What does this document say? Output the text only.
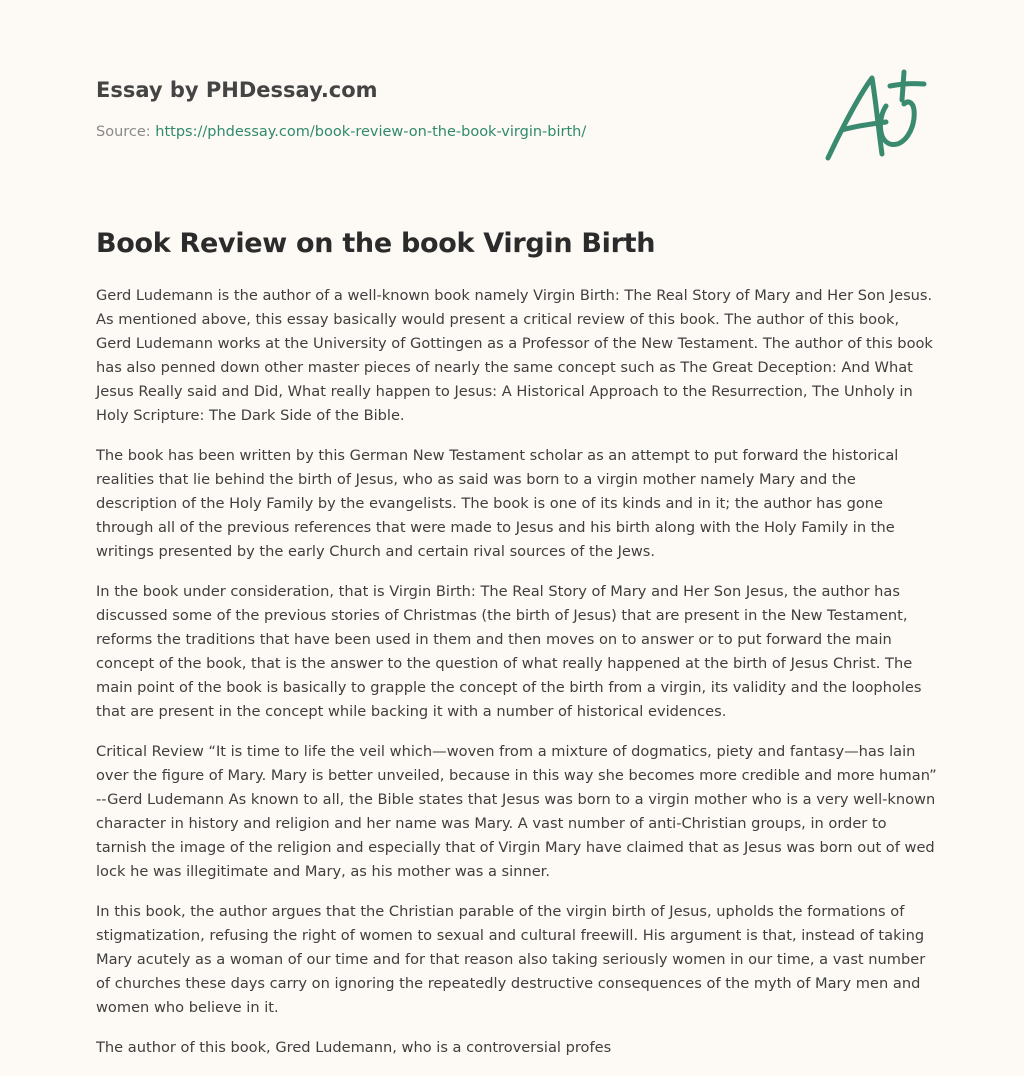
Essay by PHDessay.com
Source: https://phdessay.com/book-review-on-the-book-virgin-birth/
Book Review on the book Virgin Birth

Gerd Ludemann is the author of a well-known book namely Virgin Birth: The Real Story of Mary and Her Son Jesus. As mentioned above, this essay basically would present a critical review of this book. The author of this book, Gerd Ludemann works at the University of Gottingen as a Professor of the New Testament. The author of this book has also penned down other master pieces of nearly the same concept such as The Great Deception: And What Jesus Really said and Did, What really happen to Jesus: A Historical Approach to the Resurrection, The Unholy in Holy Scripture: The Dark Side of the Bible.

The book has been written by this German New Testament scholar as an attempt to put forward the historical realities that lie behind the birth of Jesus, who as said was born to a virgin mother namely Mary and the description of the Holy Family by the evangelists. The book is one of its kinds and in it; the author has gone through all of the previous references that were made to Jesus and his birth along with the Holy Family in the writings presented by the early Church and certain rival sources of the Jews.

In the book under consideration, that is Virgin Birth: The Real Story of Mary and Her Son Jesus, the author has discussed some of the previous stories of Christmas (the birth of Jesus) that are present in the New Testament, reforms the traditions that have been used in them and then moves on to answer or to put forward the main concept of the book, that is the answer to the question of what really happened at the birth of Jesus Christ. The main point of the book is basically to grapple the concept of the birth from a virgin, its validity and the loopholes that are present in the concept while backing it with a number of historical evidences.

Critical Review “It is time to life the veil which—woven from a mixture of dogmatics, piety and fantasy—has lain over the figure of Mary. Mary is better unveiled, because in this way she becomes more credible and more human” --Gerd Ludemann As known to all, the Bible states that Jesus was born to a virgin mother who is a very well-known character in history and religion and her name was Mary. A vast number of anti-Christian groups, in order to tarnish the image of the religion and especially that of Virgin Mary have claimed that as Jesus was born out of wed lock he was illegitimate and Mary, as his mother was a sinner.

In this book, the author argues that the Christian parable of the virgin birth of Jesus, upholds the formations of stigmatization, refusing the right of women to sexual and cultural freewill. His argument is that, instead of taking Mary acutely as a woman of our time and for that reason also taking seriously women in our time, a vast number of churches these days carry on ignoring the repeatedly destructive consequences of the myth of Mary men and women who believe in it.

The author of this book, Gred Ludemann, who is a controversial profes
